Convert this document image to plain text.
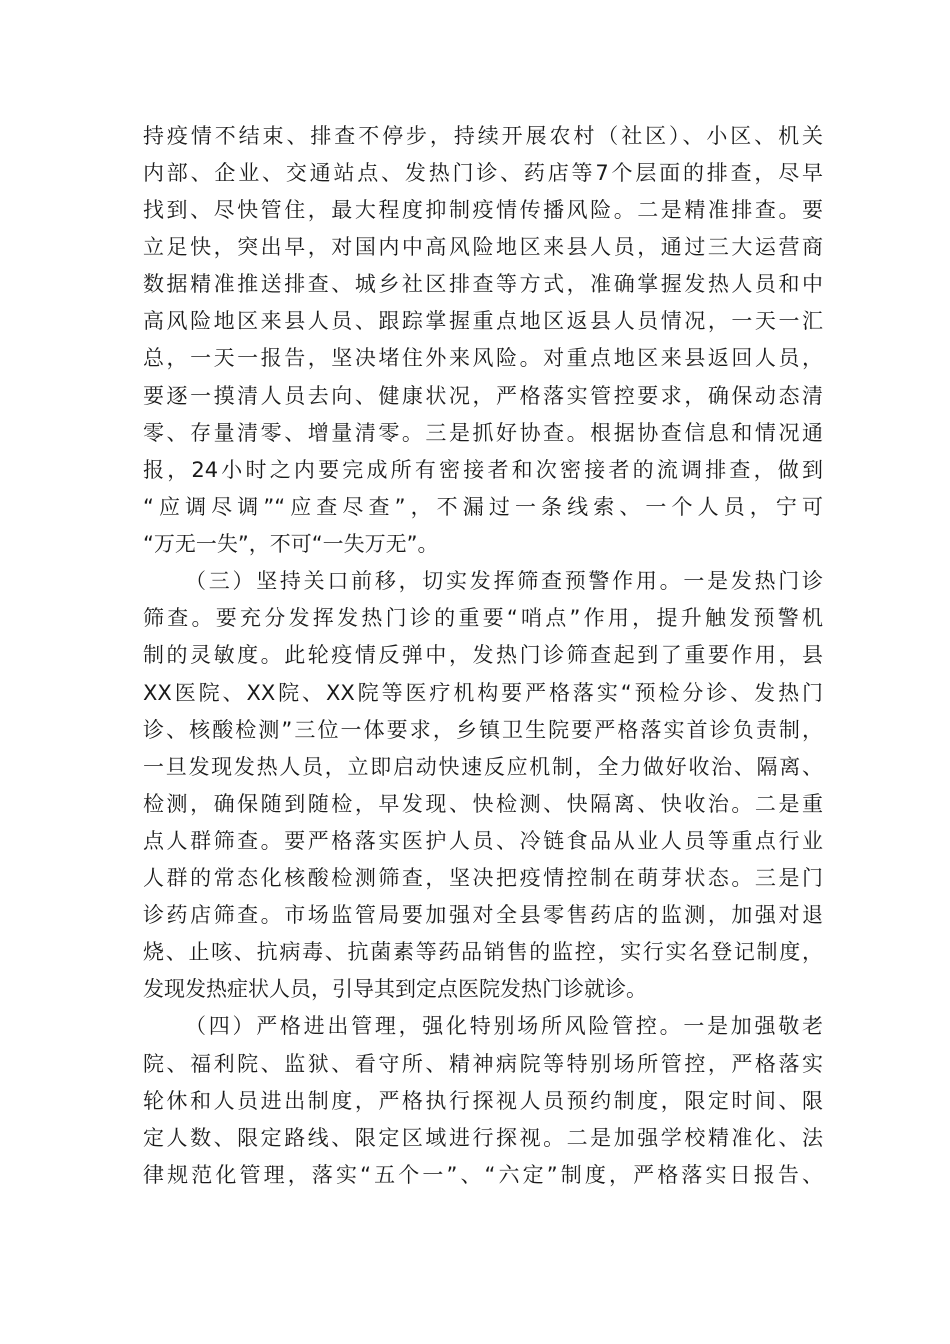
持疫情不结束、排查不停步，持续开展农村（社区）、小区、机关
内部、企业、交通站点、发热门诊、药店等7个层面的排查，尽早
找到、尽快管住，最大程度抑制疫情传播风险。二是精准排查。要
立足快，突出早，对国内中高风险地区来县人员，通过三大运营商
数据精准推送排查、城乡社区排查等方式，准确掌握发热人员和中
高风险地区来县人员、跟踪掌握重点地区返县人员情况，一天一汇
总，一天一报告，坚决堵住外来风险。对重点地区来县返回人员，
要逐一摸清人员去向、健康状况，严格落实管控要求，确保动态清
零、存量清零、增量清零。三是抓好协查。根据协查信息和情况通
报，24小时之内要完成所有密接者和次密接者的流调排查，做到
“应调尽调”“应查尽查”，不漏过一条线索、一个人员，宁可
“万无一失”，不可“一失万无”。
（三）坚持关口前移，切实发挥筛查预警作用。一是发热门诊
筛查。要充分发挥发热门诊的重要“哨点”作用，提升触发预警机
制的灵敏度。此轮疫情反弹中，发热门诊筛查起到了重要作用，县
XX医院、XX院、XX院等医疗机构要严格落实“预检分诊、发热门
诊、核酸检测”三位一体要求，乡镇卫生院要严格落实首诊负责制，
一旦发现发热人员，立即启动快速反应机制，全力做好收治、隔离、
检测，确保随到随检，早发现、快检测、快隔离、快收治。二是重
点人群筛查。要严格落实医护人员、冷链食品从业人员等重点行业
人群的常态化核酸检测筛查，坚决把疫情控制在萌芽状态。三是门
诊药店筛查。市场监管局要加强对全县零售药店的监测，加强对退
烧、止咳、抗病毒、抗菌素等药品销售的监控，实行实名登记制度，
发现发热症状人员，引导其到定点医院发热门诊就诊。
（四）严格进出管理，强化特别场所风险管控。一是加强敬老
院、福利院、监狱、看守所、精神病院等特别场所管控，严格落实
轮休和人员进出制度，严格执行探视人员预约制度，限定时间、限
定人数、限定路线、限定区域进行探视。二是加强学校精准化、法
律规范化管理，落实“五个一”、“六定”制度，严格落实日报告、
